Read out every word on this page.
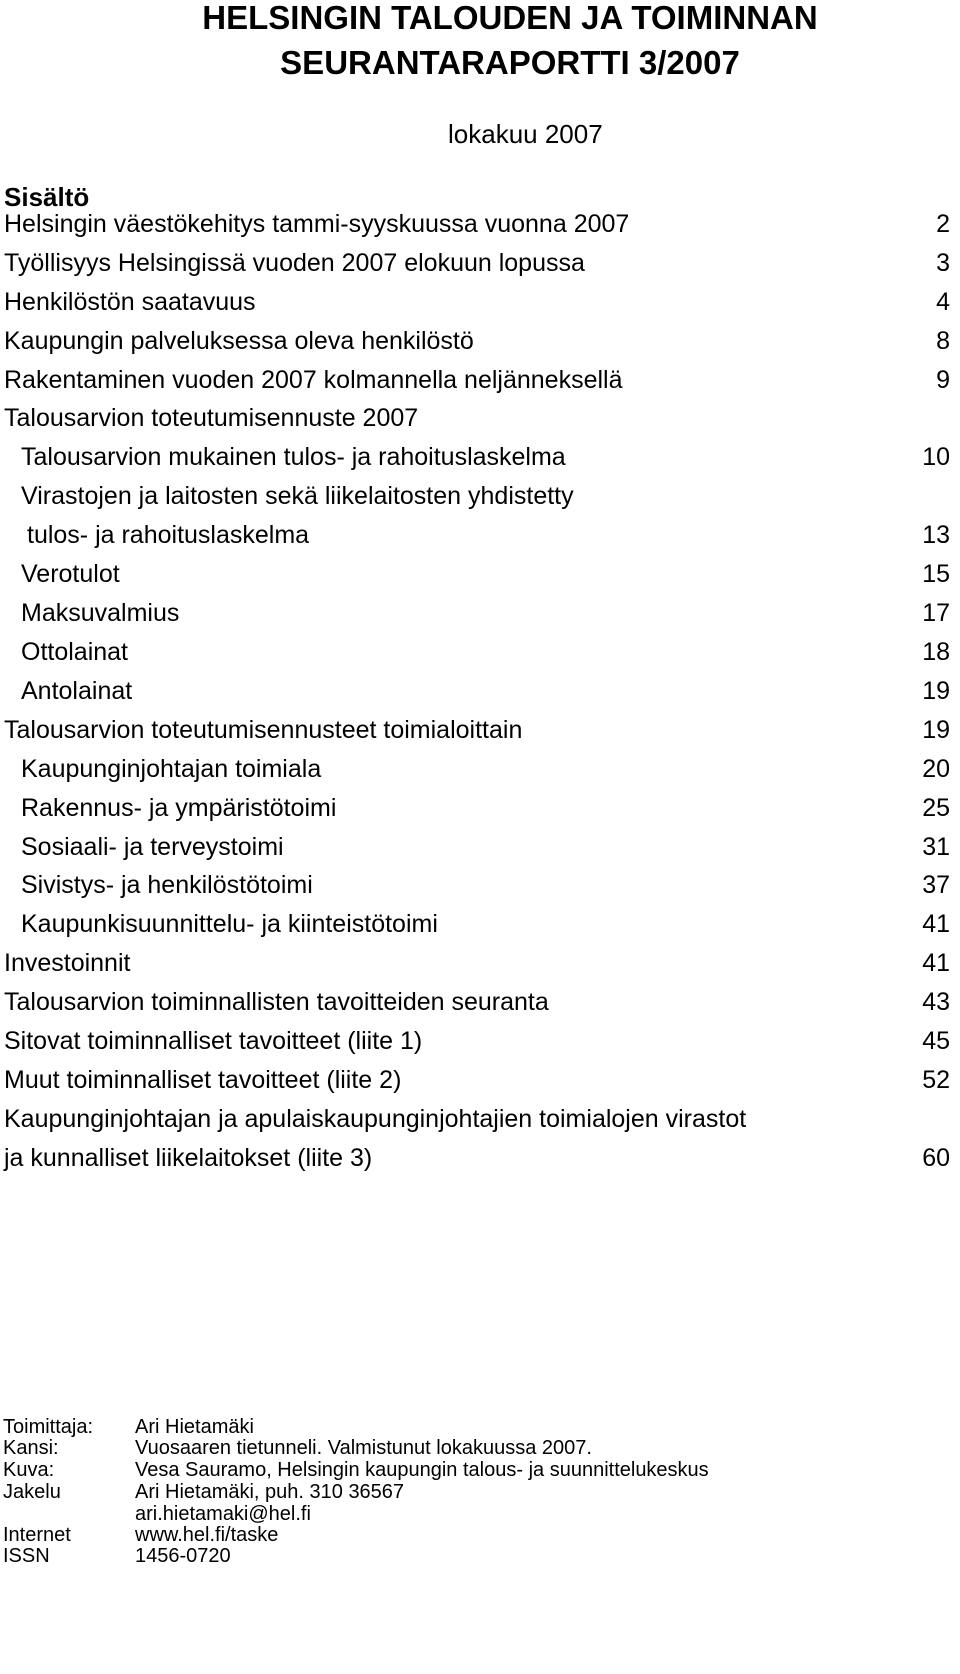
HELSINGIN TALOUDEN JA TOIMINNAN
SEURANTARAPORTTI 3/2007
lokakuu 2007
Sisältö
Helsingin väestökehitys tammi-syyskuussa vuonna 2007	2
Työllisyys Helsingissä vuoden 2007 elokuun lopussa	3
Henkilöstön saatavuus	4
Kaupungin palveluksessa oleva henkilöstö	8
Rakentaminen vuoden 2007 kolmannella neljänneksellä	9
Talousarvion toteutumisennuste 2007
Talousarvion mukainen tulos- ja rahoituslaskelma	10
Virastojen ja laitosten sekä liikelaitosten yhdistetty
tulos- ja rahoituslaskelma	13
Verotulot	15
Maksuvalmius	17
Ottolainat	18
Antolainat	19
Talousarvion toteutumisennusteet toimialoittain	19
Kaupunginjohtajan toimiala	20
Rakennus- ja ympäristötoimi	25
Sosiaali- ja terveystoimi	31
Sivistys- ja henkilöstötoimi	37
Kaupunkisuunnittelu- ja kiinteistötoimi	41
Investoinnit	41
Talousarvion toiminnallisten tavoitteiden seuranta	43
Sitovat toiminnalliset tavoitteet (liite 1)	45
Muut toiminnalliset tavoitteet (liite 2)	52
Kaupunginjohtajan ja apulaiskaupunginjohtajien toimialojen virastot
ja kunnalliset liikelaitokset (liite 3)	60
Toimittaja: Ari Hietamäki
Kansi:	Vuosaaren tietunneli. Valmistunut lokakuussa 2007.
Kuva:	Vesa Sauramo, Helsingin kaupungin talous- ja suunnittelukeskus
Jakelu	Ari Hietamäki, puh. 310 36567
ari.hietamaki@hel.fi
Internet	www.hel.fi/taske
ISSN	1456-0720
